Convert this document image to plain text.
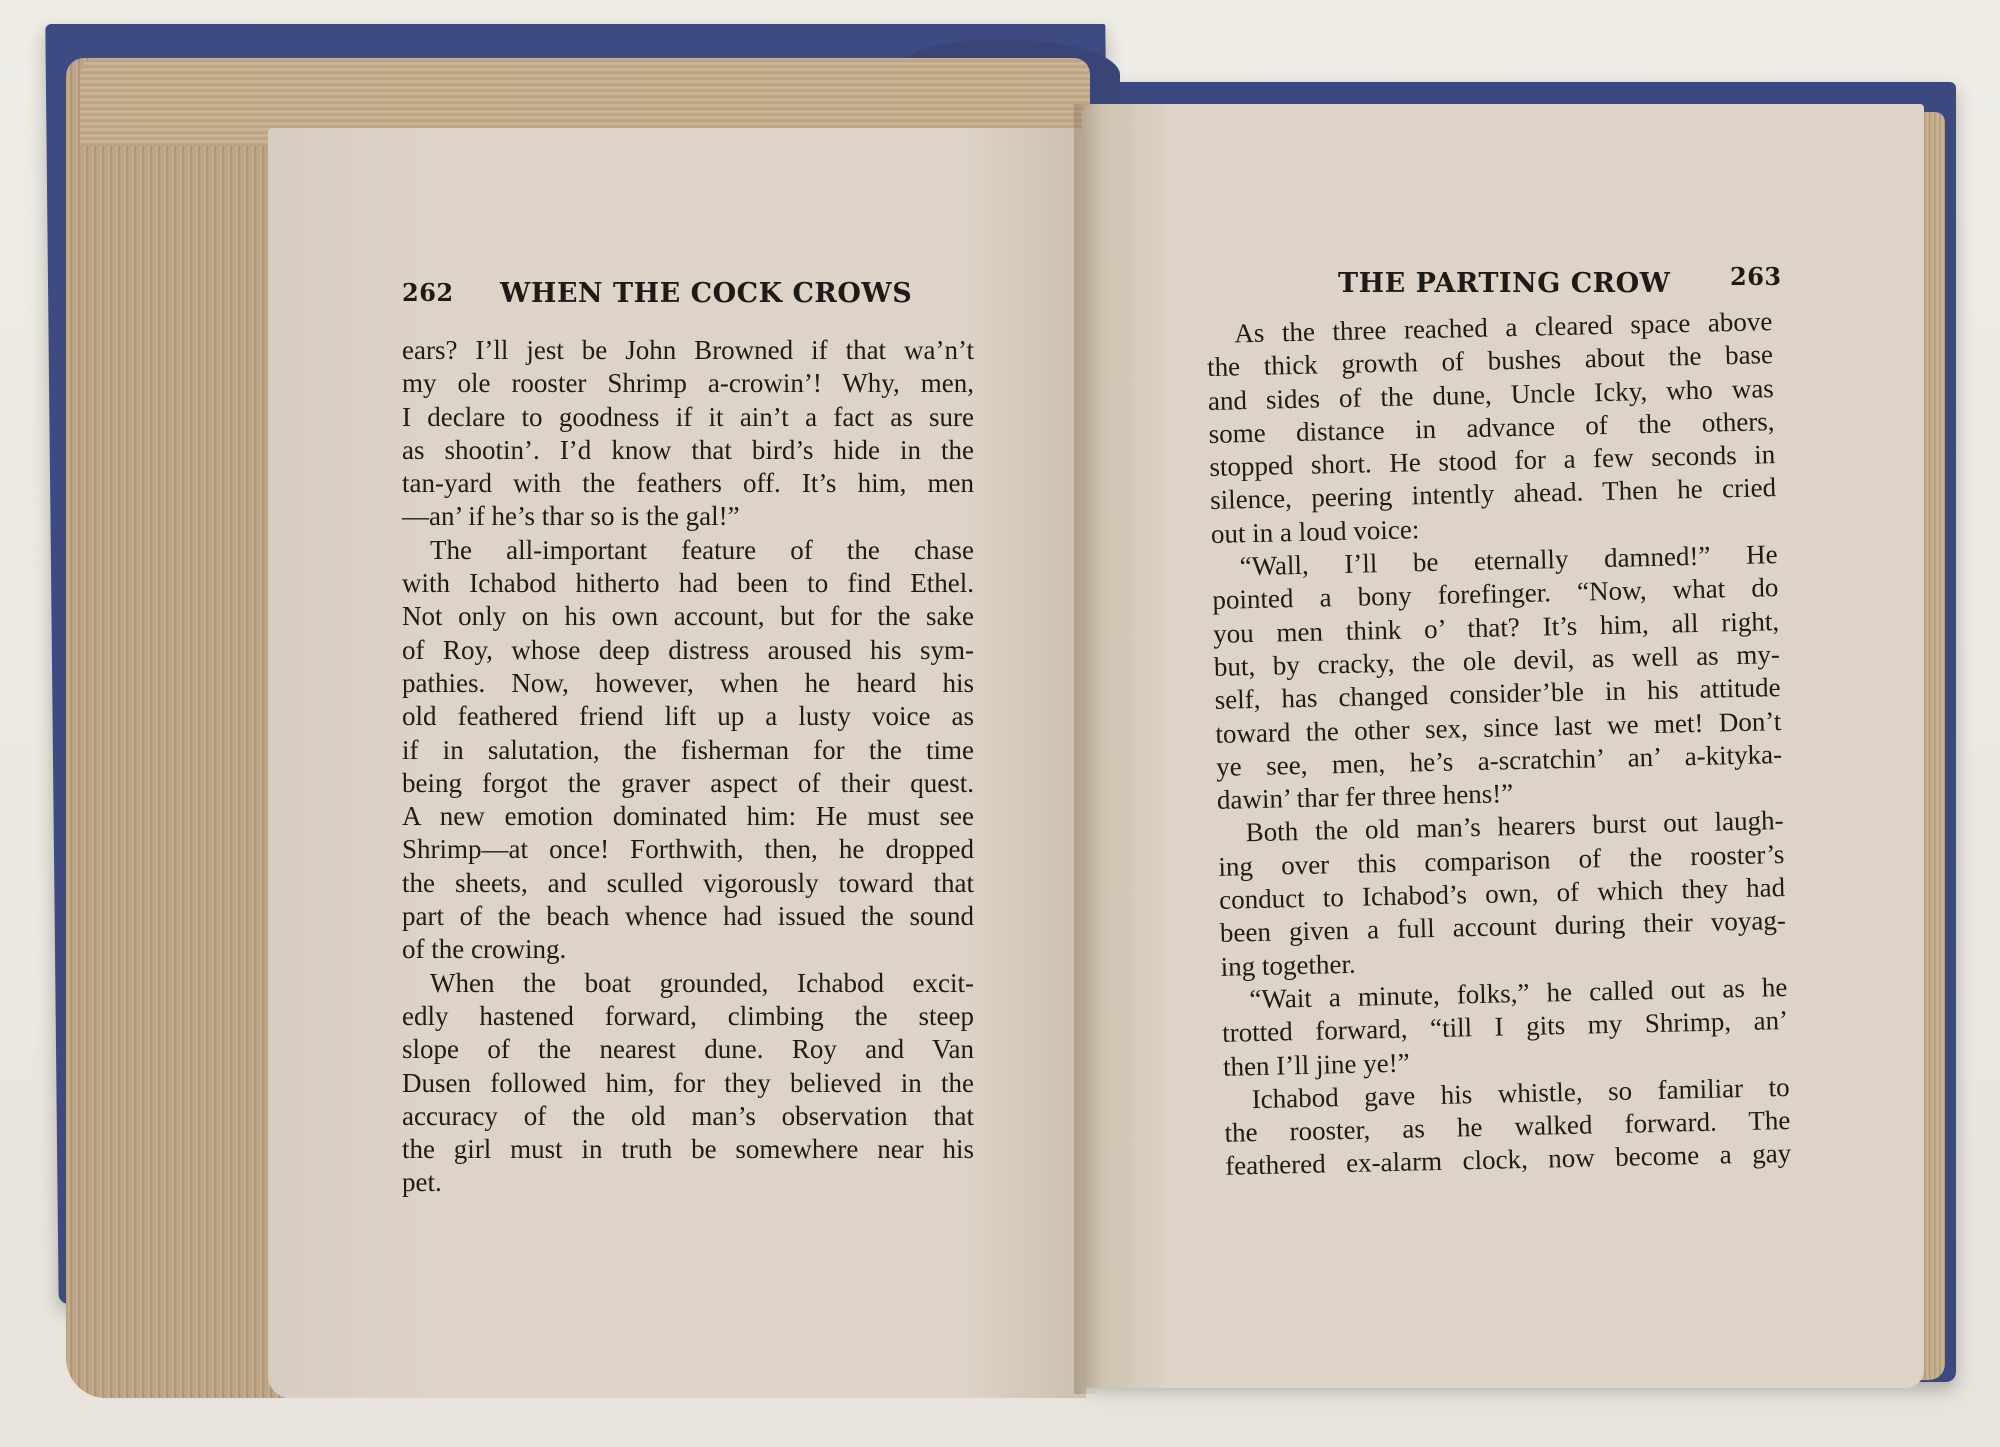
262 WHEN THE COCK CROWS	THE PARTING CROW 263
ears? I’ll jest be John Browned if that wa’n’t
my ole rooster Shrimp a-crowin’! Why, men,
I declare to goodness if it ain’t a fact as sure
as shootin’. I’d know that bird’s hide in the
tan-yard with the feathers off. It’s him, men
—an’ if he’s thar so is the gal!”
The all-important feature of the chase
with Ichabod hitherto had been to find Ethel.
Not only on his own account, but for the sake
of Roy, whose deep distress aroused his sym-
pathies. Now, however, when he heard his
old feathered friend lift up a lusty voice as
if in salutation, the fisherman for the time
being forgot the graver aspect of their quest.
A new emotion dominated him: He must see
Shrimp—at once! Forthwith, then, he dropped
the sheets, and sculled vigorously toward that
part of the beach whence had issued the sound
of the crowing.
When the boat grounded, Ichabod excit-
edly hastened forward, climbing the steep
slope of the nearest dune. Roy and Van
Dusen followed him, for they believed in the
accuracy of the old man’s observation that
the girl must in truth be somewhere near his
pet.
As the three reached a cleared space above
the thick growth of bushes about the base
and sides of the dune, Uncle Icky, who was
some distance in advance of the others,
stopped short. He stood for a few seconds in
silence, peering intently ahead. Then he cried
out in a loud voice:
“Wall, I’ll be eternally damned!” He
pointed a bony forefinger. “Now, what do
you men think o’ that? It’s him, all right,
but, by cracky, the ole devil, as well as my-
self, has changed consider’ble in his attitude
toward the other sex, since last we met! Don’t
ye see, men, he’s a-scratchin’ an’ a-kityka-
dawin’ thar fer three hens!”
Both the old man’s hearers burst out laugh-
ing over this comparison of the rooster’s
conduct to Ichabod’s own, of which they had
been given a full account during their voyag-
ing together.
“Wait a minute, folks,” he called out as he
trotted forward, “till I gits my Shrimp, an’
then I’ll jine ye!”
Ichabod gave his whistle, so familiar to
the rooster, as he walked forward. The
feathered ex-alarm clock, now become a gay
